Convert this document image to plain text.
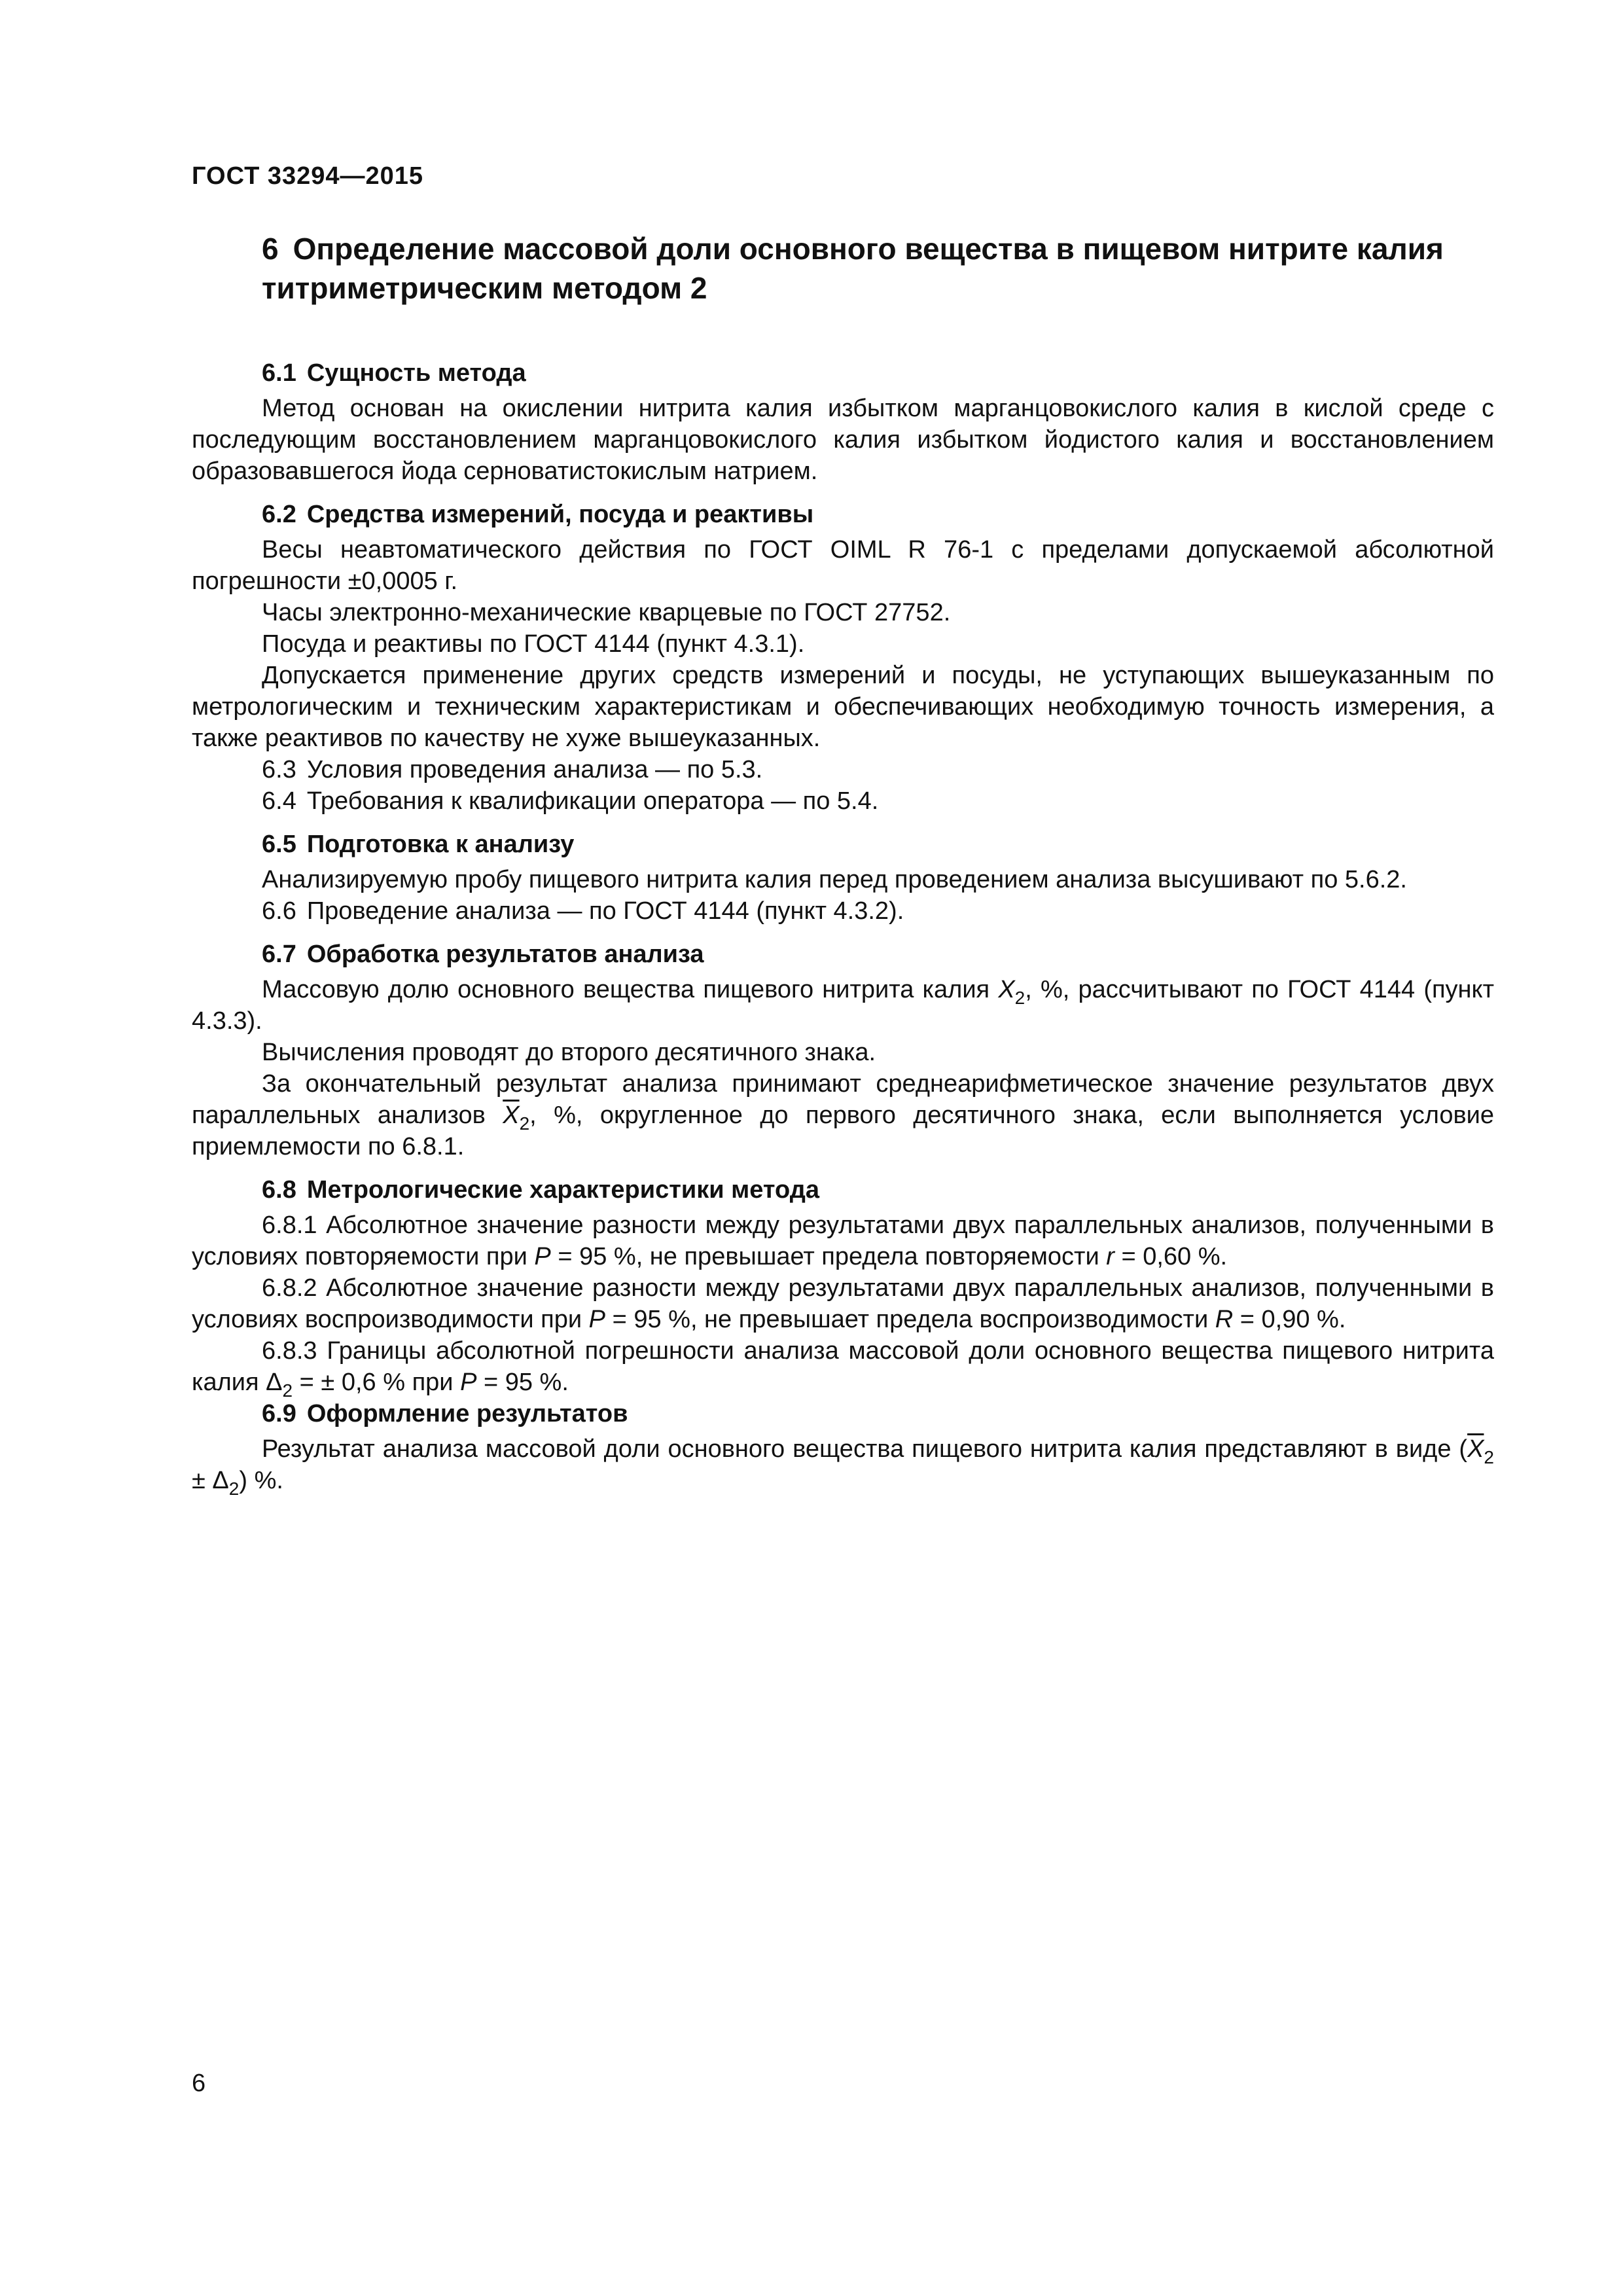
ГОСТ 33294—2015
6 Определение массовой доли основного вещества в пищевом нитрите калия титриметрическим методом 2
6.1 Сущность метода

Метод основан на окислении нитрита калия избытком марганцовокислого калия в кислой среде с последующим восстановлением марганцовокислого калия избытком йодистого калия и восстановлением образовавшегося йода серноватистокислым натрием.

6.2 Средства измерений, посуда и реактивы

Весы неавтоматического действия по ГОСТ OIML R 76-1 с пределами допускаемой абсолютной погрешности ±0,0005 г.

Часы электронно-механические кварцевые по ГОСТ 27752.

Посуда и реактивы по ГОСТ 4144 (пункт 4.3.1).

Допускается применение других средств измерений и посуды, не уступающих вышеуказанным по метрологическим и техническим характеристикам и обеспечивающих необходимую точность измерения, а также реактивов по качеству не хуже вышеуказанных.

6.3 Условия проведения анализа — по 5.3.

6.4 Требования к квалификации оператора — по 5.4.

6.5 Подготовка к анализу

Анализируемую пробу пищевого нитрита калия перед проведением анализа высушивают по 5.6.2.

6.6 Проведение анализа — по ГОСТ 4144 (пункт 4.3.2).

6.7 Обработка результатов анализа

Массовую долю основного вещества пищевого нитрита калия $X_2$, %, рассчитывают по ГОСТ 4144 (пункт 4.3.3).

Вычисления проводят до второго десятичного знака.

За окончательный результат анализа принимают среднеарифметическое значение результатов двух параллельных анализов $\overline{X}_2$, %, округленное до первого десятичного знака, если выполняется условие приемлемости по 6.8.1.

6.8 Метрологические характеристики метода

6.8.1 Абсолютное значение разности между результатами двух параллельных анализов, полученными в условиях повторяемости при P = 95 %, не превышает предела повторяемости r = 0,60 %.

6.8.2 Абсолютное значение разности между результатами двух параллельных анализов, полученными в условиях воспроизводимости при P = 95 %, не превышает предела воспроизводимости R = 0,90 %.

6.8.3 Границы абсолютной погрешности анализа массовой доли основного вещества пищевого нитрита калия $\Delta_2$ = ± 0,6 % при P = 95 %.

6.9 Оформление результатов

Результат анализа массовой доли основного вещества пищевого нитрита калия представляют в виде $(\overline{X}_2 \pm \Delta_2)$ %.

6
